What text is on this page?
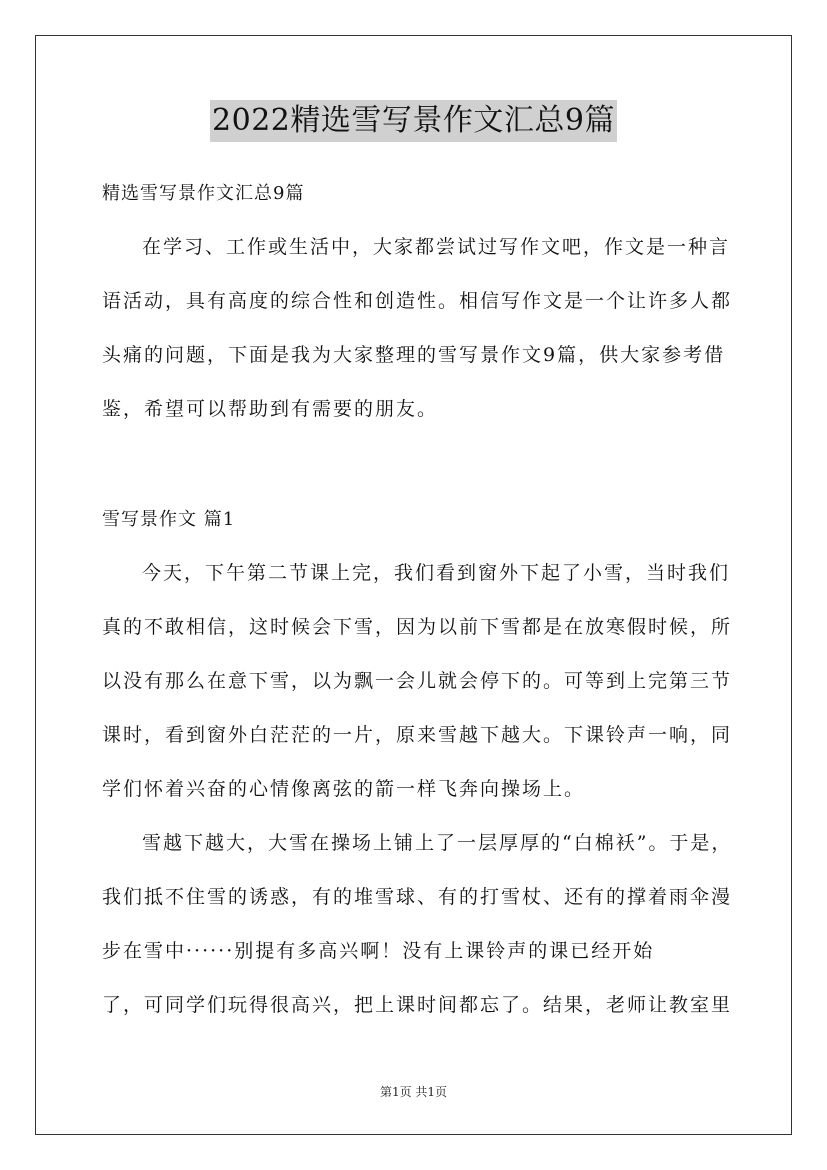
2022精选雪写景作文汇总9篇
精选雪写景作文汇总9篇
在学习、工作或生活中，大家都尝试过写作文吧，作文是一种言
语活动，具有高度的综合性和创造性。相信写作文是一个让许多人都
头痛的问题，下面是我为大家整理的雪写景作文9篇，供大家参考借
鉴，希望可以帮助到有需要的朋友。
雪写景作文 篇1
今天，下午第二节课上完，我们看到窗外下起了小雪，当时我们
真的不敢相信，这时候会下雪，因为以前下雪都是在放寒假时候，所
以没有那么在意下雪，以为飘一会儿就会停下的。可等到上完第三节
课时，看到窗外白茫茫的一片，原来雪越下越大。下课铃声一响，同
学们怀着兴奋的心情像离弦的箭一样飞奔向操场上。
雪越下越大，大雪在操场上铺上了一层厚厚的“白棉袄”。于是，
我们抵不住雪的诱惑，有的堆雪球、有的打雪杖、还有的撑着雨伞漫
步在雪中······别提有多高兴啊！没有上课铃声的课已经开始
了，可同学们玩得很高兴，把上课时间都忘了。结果，老师让教室里
第1页 共1页
